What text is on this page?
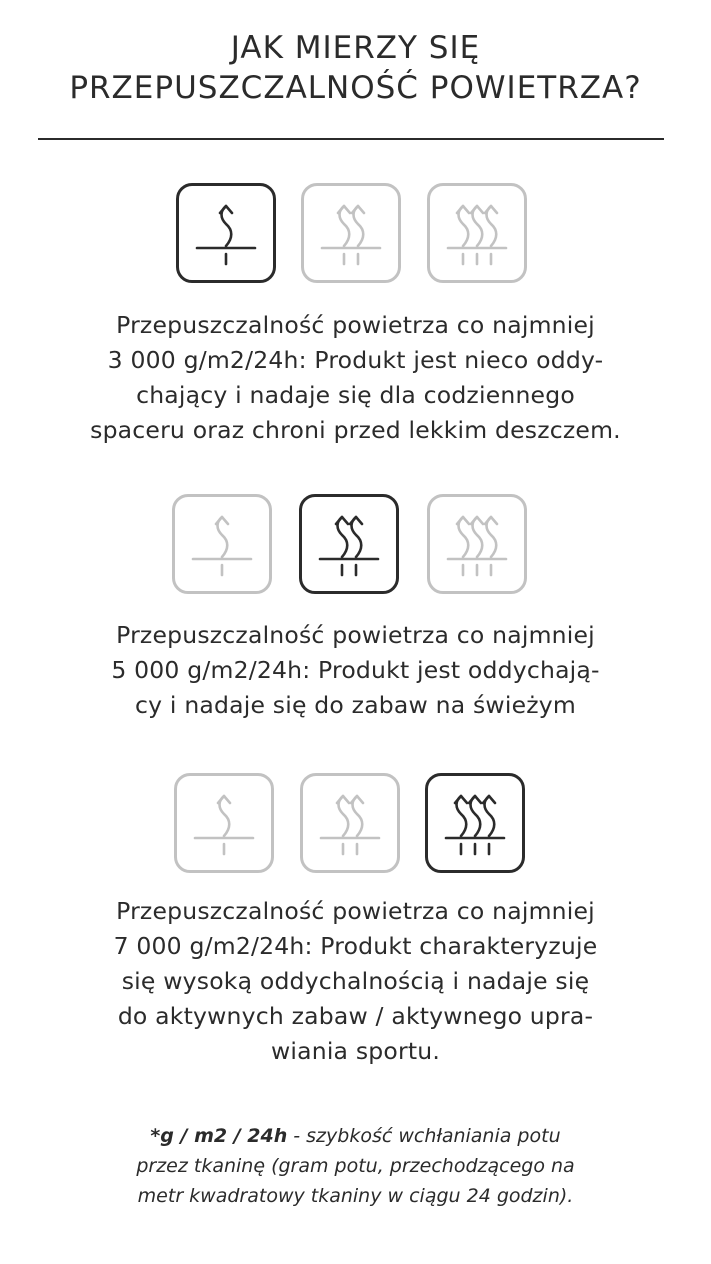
JAK MIERZY SIĘ
PRZEPUSZCZALNOŚĆ POWIETRZA?
Przepuszczalność powietrza co najmniej
3 000 g/m2/24h: Produkt jest nieco oddy-
chający i nadaje się dla codziennego
spaceru oraz chroni przed lekkim deszczem.
Przepuszczalność powietrza co najmniej
5 000 g/m2/24h: Produkt jest oddychają-
cy i nadaje się do zabaw na świeżym
Przepuszczalność powietrza co najmniej
7 000 g/m2/24h: Produkt charakteryzuje
się wysoką oddychalnością i nadaje się
do aktywnych zabaw / aktywnego upra-
wiania sportu.
*g / m2 / 24h - szybkość wchłaniania potu
przez tkaninę (gram potu, przechodzącego na
metr kwadratowy tkaniny w ciągu 24 godzin).
